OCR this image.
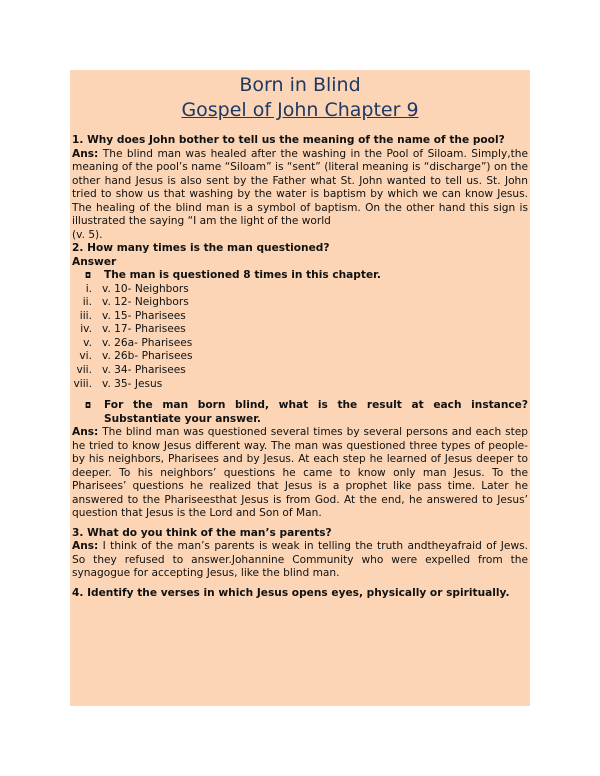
Born in Blind
Gospel of John Chapter 9
1. Why does John bother to tell us the meaning of the name of the pool?
Ans: The blind man was healed after the washing in the Pool of Siloam. Simply,the meaning of the pool’s name “Siloam” is “sent” (literal meaning is “discharge”) on the other hand Jesus is also sent by the Father what St. John wanted to tell us. St. John tried to show us that washing by the water is baptism by which we can know Jesus. The healing of the blind man is a symbol of baptism. On the other hand this sign is illustrated the saying “I am the light of the world
(v. 5).
2. How many times is the man questioned?
Answer
◘	The man is questioned 8 times in this chapter.
i. v. 10- Neighbors
ii. v. 12- Neighbors
iii. v. 15- Pharisees
iv. v. 17- Pharisees
v. v. 26a- Pharisees
vi. v. 26b- Pharisees
vii. v. 34- Pharisees
viii. v. 35- Jesus
◘	For the man born blind, what is the result at each instance? Substantiate your answer.
Ans: The blind man was questioned several times by several persons and each step he tried to know Jesus different way. The man was questioned three types of people- by his neighbors, Pharisees and by Jesus. At each step he learned of Jesus deeper to deeper. To his neighbors’ questions he came to know only man Jesus. To the Pharisees’ questions he realized that Jesus is a prophet like pass time. Later he answered to the Phariseesthat Jesus is from God. At the end, he answered to Jesus’ question that Jesus is the Lord and Son of Man.
3. What do you think of the man’s parents?
Ans: I think of the man’s parents is weak in telling the truth andtheyafraid of Jews. So they refused to answer.Johannine Community who were expelled from the synagogue for accepting Jesus, like the blind man.
4. Identify the verses in which Jesus opens eyes, physically or spiritually.
